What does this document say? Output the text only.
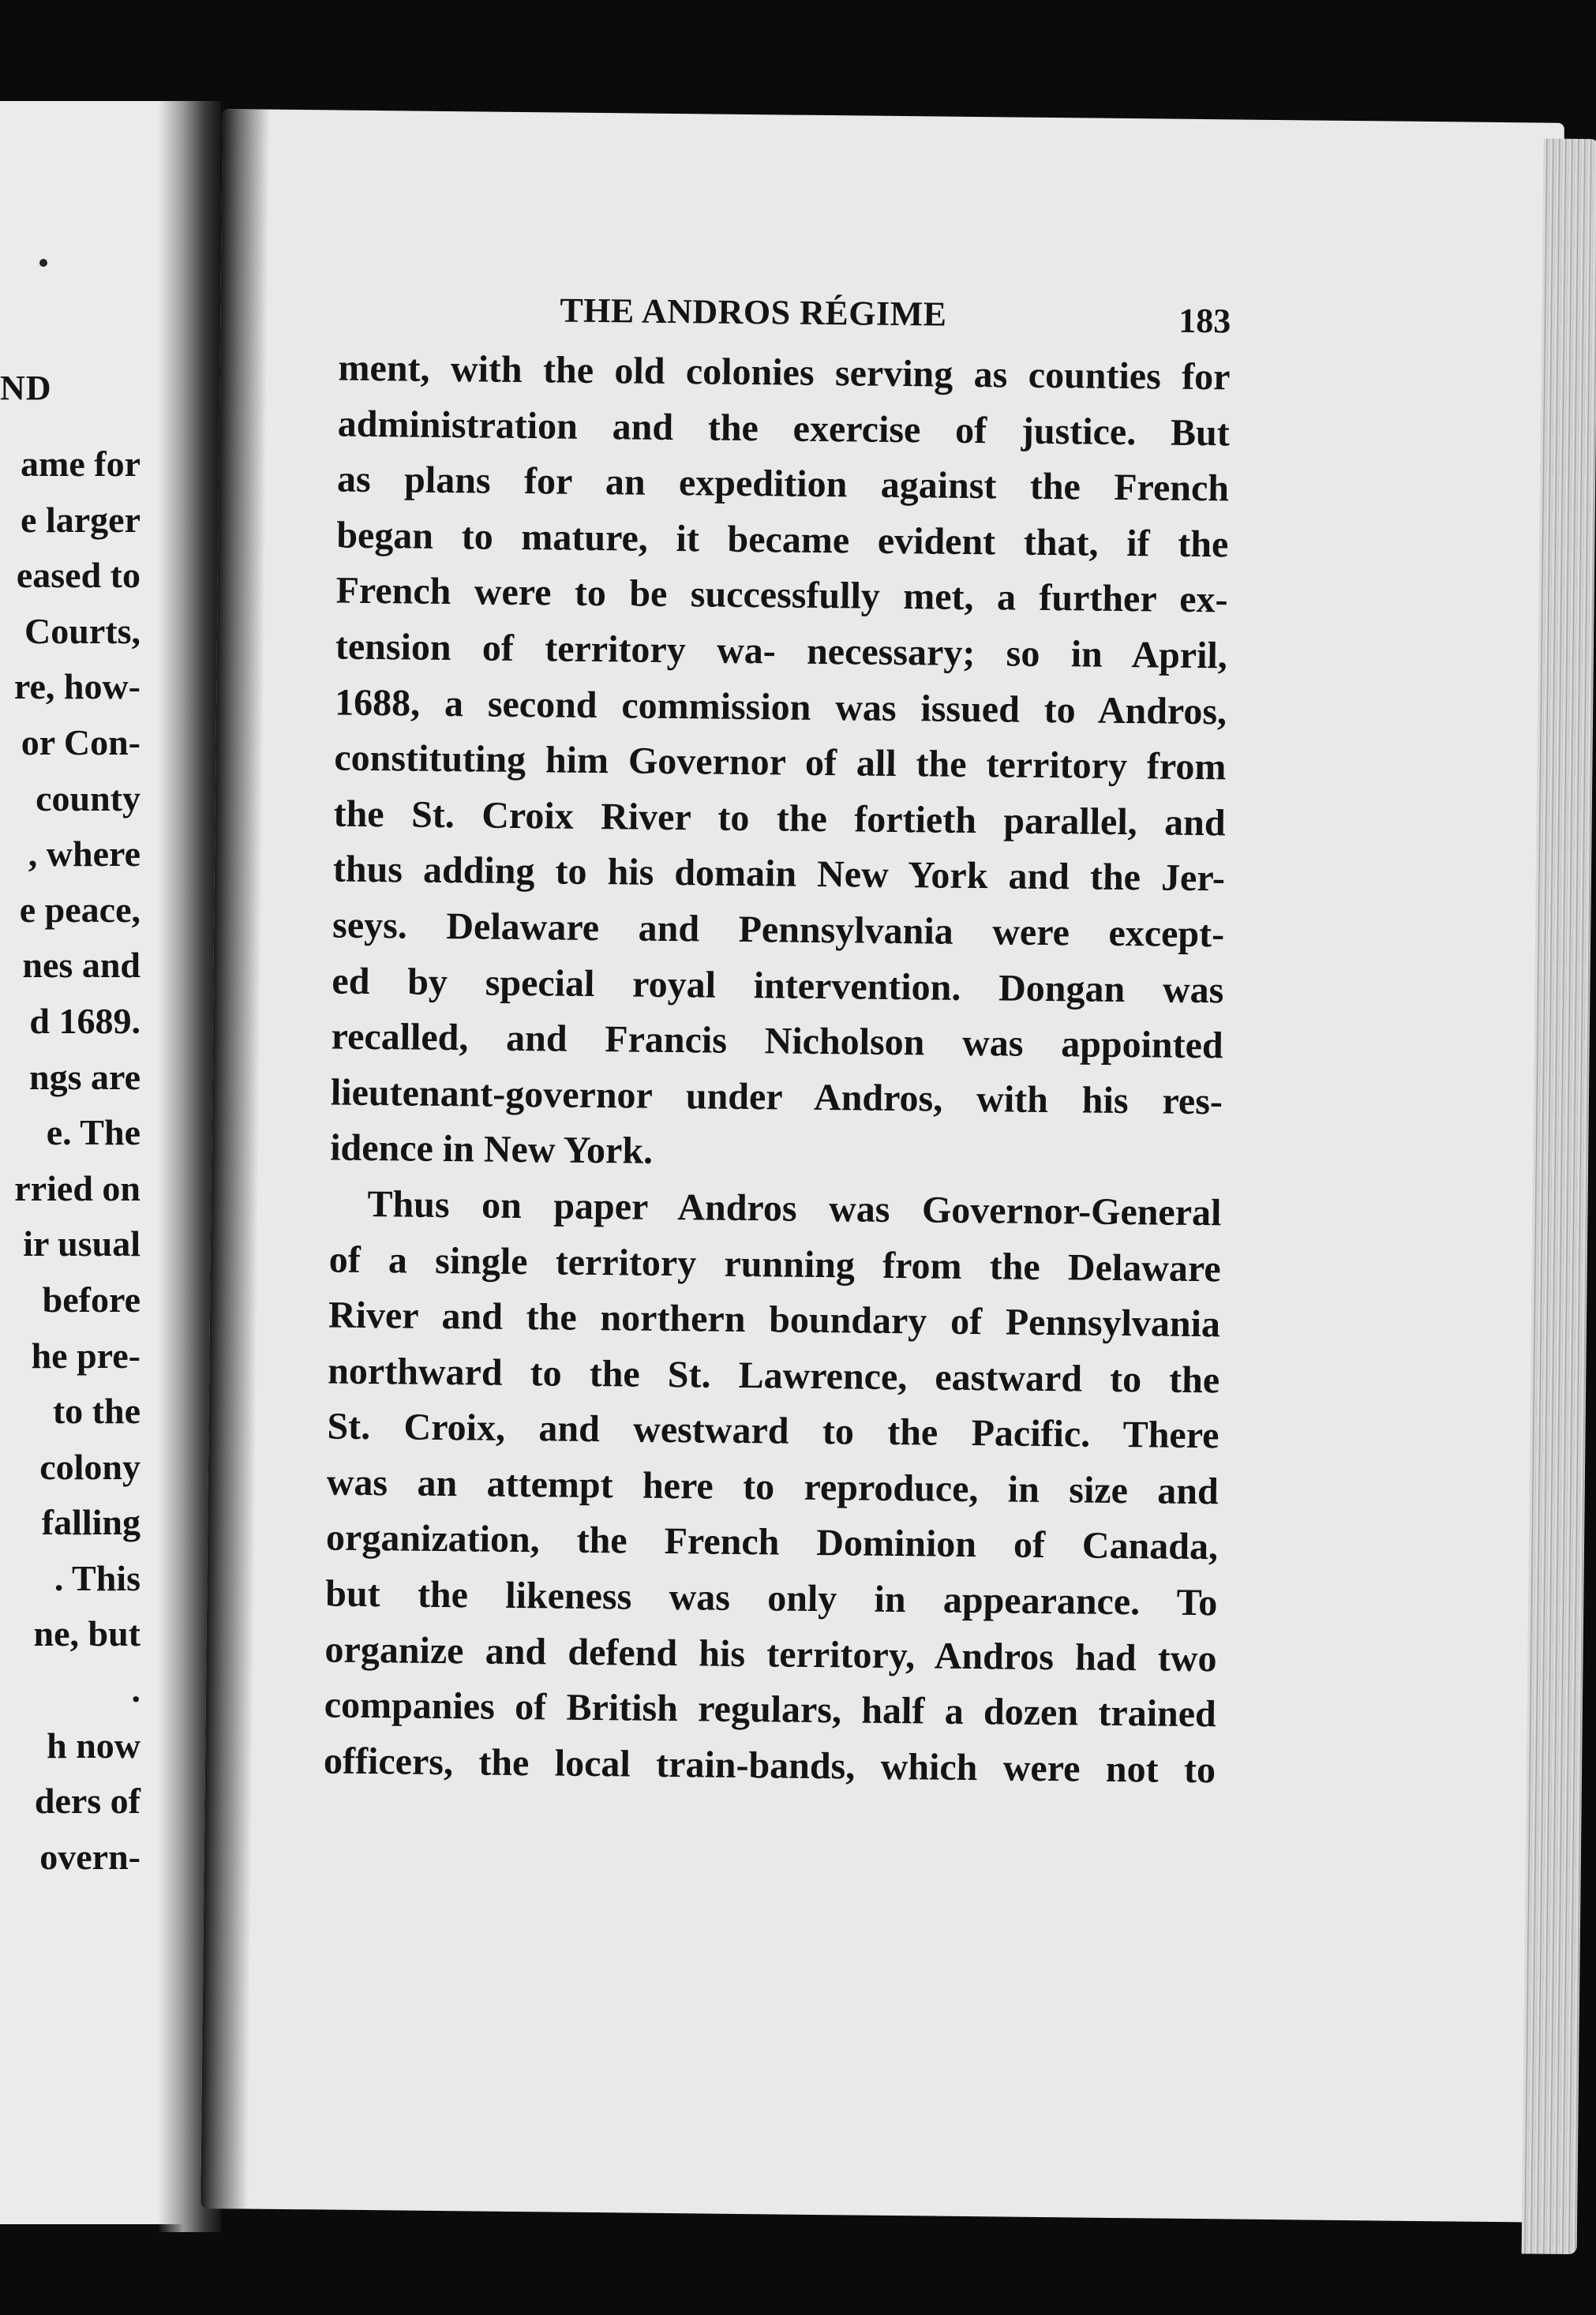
ND
ame for
e larger
eased to
Courts,
re, how-
or Con-
county
, where
e peace,
nes and
d 1689.
ngs are
e. The
rried on
ir usual
before
he pre-
to the
colony
falling
. This
ne, but
.
h now
ders of
overn-
THE ANDROS RÉGIME	183

ment, with the old colonies serving as counties for
administration and the exercise of justice. But
as plans for an expedition against the French
began to mature, it became evident that, if the
French were to be successfully met, a further ex-
tension of territory wa- necessary; so in April,
1688, a second commission was issued to Andros,
constituting him Governor of all the territory from
the St. Croix River to the fortieth parallel, and
thus adding to his domain New York and the Jer-
seys. Delaware and Pennsylvania were except-
ed by special royal intervention. Dongan was
recalled, and Francis Nicholson was appointed
lieutenant-governor under Andros, with his res-
idence in New York.

Thus on paper Andros was Governor-General
of a single territory running from the Delaware
River and the northern boundary of Pennsylvania
northward to the St. Lawrence, eastward to the
St. Croix, and westward to the Pacific. There
was an attempt here to reproduce, in size and
organization, the French Dominion of Canada,
but the likeness was only in appearance. To
organize and defend his territory, Andros had two
companies of British regulars, half a dozen trained
officers, the local train-bands, which were not to
